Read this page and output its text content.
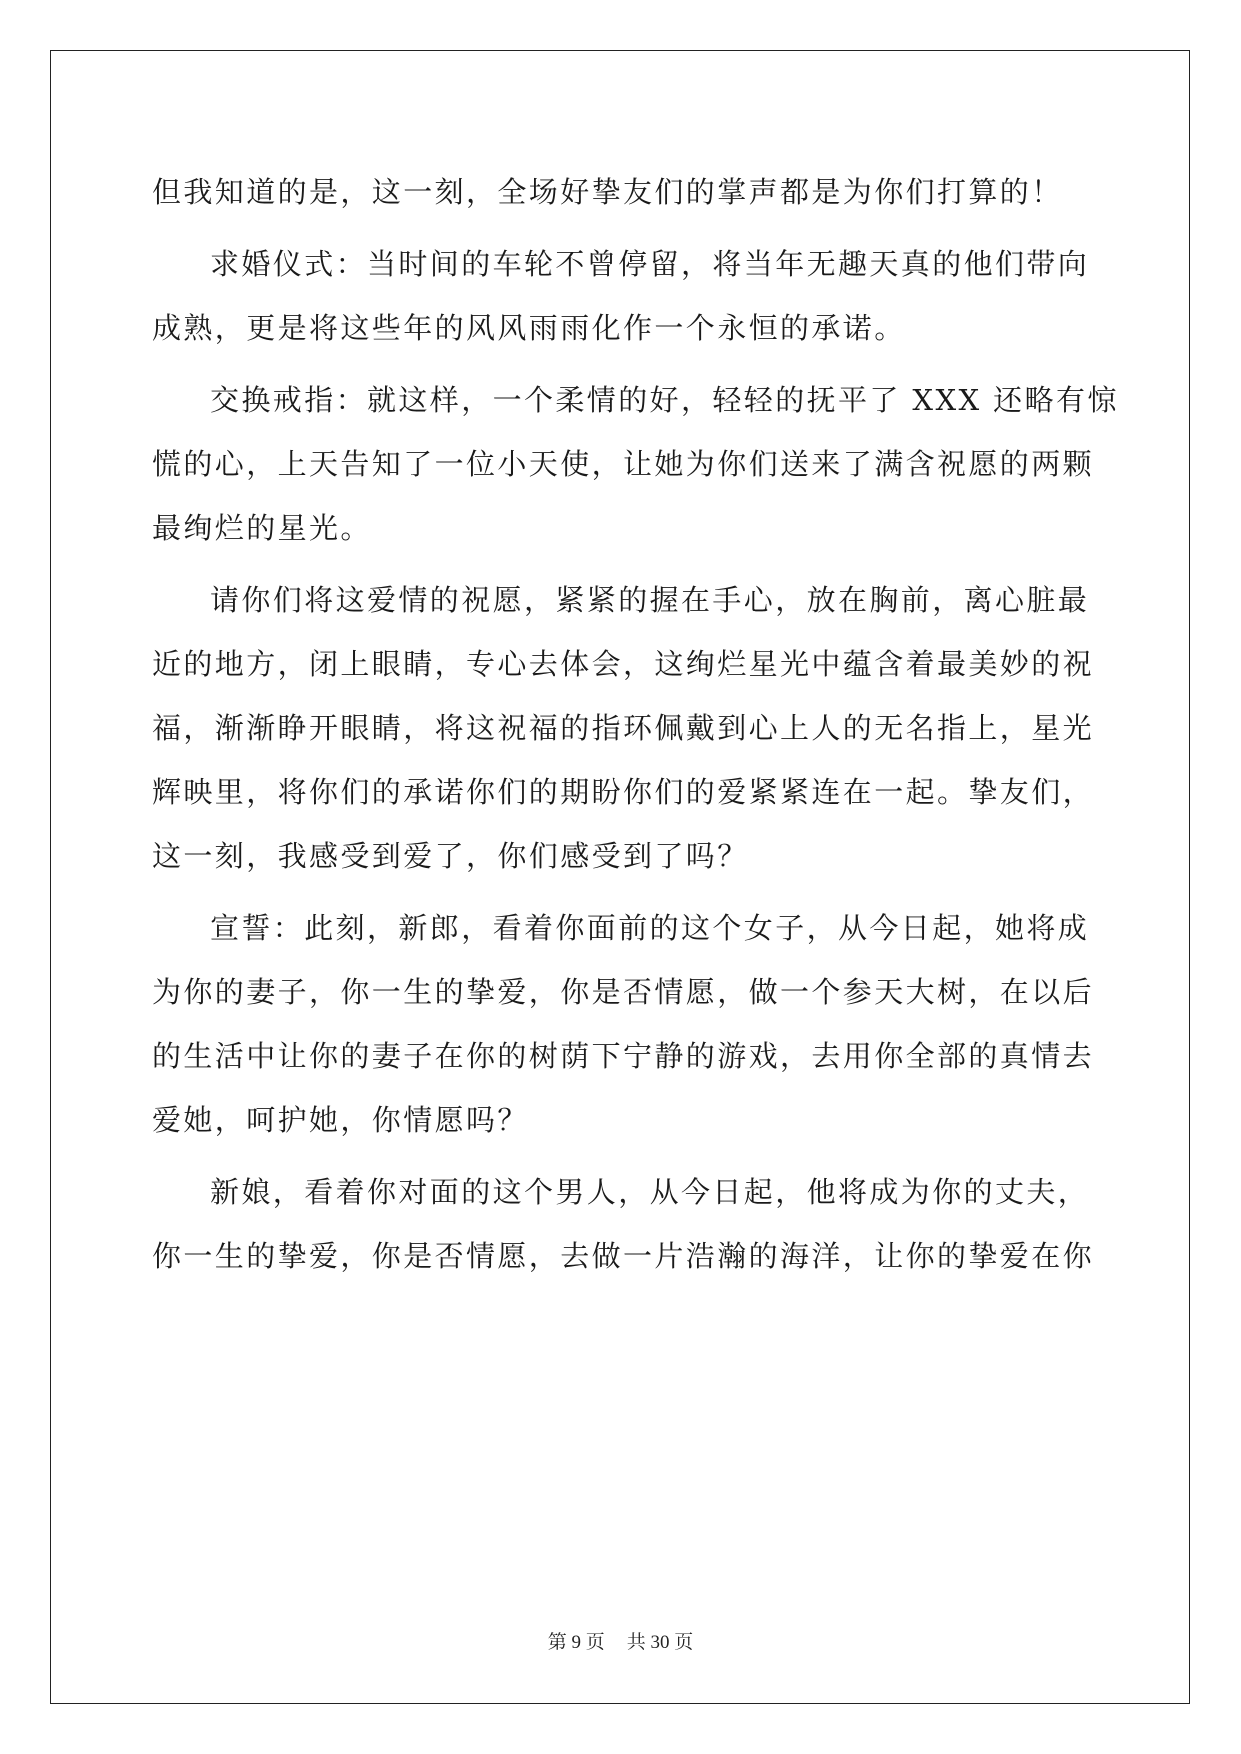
但我知道的是，这一刻，全场好挚友们的掌声都是为你们打算的！
求婚仪式：当时间的车轮不曾停留，将当年无趣天真的他们带向
成熟，更是将这些年的风风雨雨化作一个永恒的承诺。
交换戒指：就这样，一个柔情的好，轻轻的抚平了 XXX 还略有惊
慌的心，上天告知了一位小天使，让她为你们送来了满含祝愿的两颗
最绚烂的星光。
请你们将这爱情的祝愿，紧紧的握在手心，放在胸前，离心脏最
近的地方，闭上眼睛，专心去体会，这绚烂星光中蕴含着最美妙的祝
福，渐渐睁开眼睛，将这祝福的指环佩戴到心上人的无名指上，星光
辉映里，将你们的承诺你们的期盼你们的爱紧紧连在一起。挚友们，
这一刻，我感受到爱了，你们感受到了吗？
宣誓：此刻，新郎，看着你面前的这个女子，从今日起，她将成
为你的妻子，你一生的挚爱，你是否情愿，做一个参天大树，在以后
的生活中让你的妻子在你的树荫下宁静的游戏，去用你全部的真情去
爱她，呵护她，你情愿吗？
新娘，看着你对面的这个男人，从今日起，他将成为你的丈夫，
你一生的挚爱，你是否情愿，去做一片浩瀚的海洋，让你的挚爱在你
第 9 页 共 30 页
